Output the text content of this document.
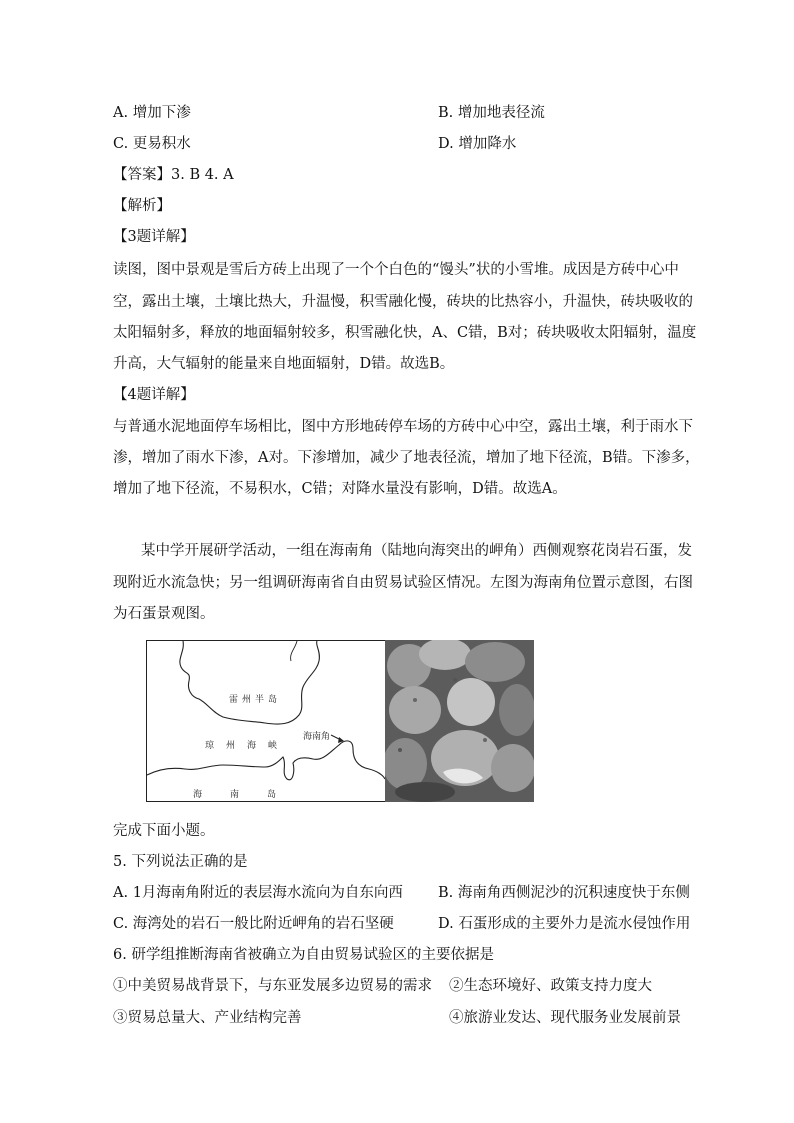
A. 增加下渗	B. 增加地表径流
C. 更易积水	D. 增加降水
【答案】3. B 4. A
【解析】
【3题详解】
读图，图中景观是雪后方砖上出现了一个个白色的“馒头”状的小雪堆。成因是方砖中心中
空，露出土壤，土壤比热大，升温慢，积雪融化慢，砖块的比热容小，升温快，砖块吸收的
太阳辐射多，释放的地面辐射较多，积雪融化快，A、C错，B对；砖块吸收太阳辐射，温度
升高，大气辐射的能量来自地面辐射，D错。故选B。
【4题详解】
与普通水泥地面停车场相比，图中方形地砖停车场的方砖中心中空，露出土壤，利于雨水下
渗，增加了雨水下渗，A对。下渗增加，减少了地表径流，增加了地下径流，B错。下渗多，
增加了地下径流，不易积水，C错；对降水量没有影响，D错。故选A。
某中学开展研学活动，一组在海南角（陆地向海突出的岬角）西侧观察花岗岩石蛋，发
现附近水流急快；另一组调研海南省自由贸易试验区情况。左图为海南角位置示意图，右图
为石蛋景观图。
雷州半岛
琼州海峡
海南角
海南岛
完成下面小题。
5. 下列说法正确的是
A. 1月海南角附近的表层海水流向为自东向西 B. 海南角西侧泥沙的沉积速度快于东侧
C. 海湾处的岩石一般比附近岬角的岩石坚硬	D. 石蛋形成的主要外力是流水侵蚀作用
6. 研学组推断海南省被确立为自由贸易试验区的主要依据是
①中美贸易战背景下，与东亚发展多边贸易的需求 ②生态环境好、政策支持力度大
③贸易总量大、产业结构完善	④旅游业发达、现代服务业发展前景
